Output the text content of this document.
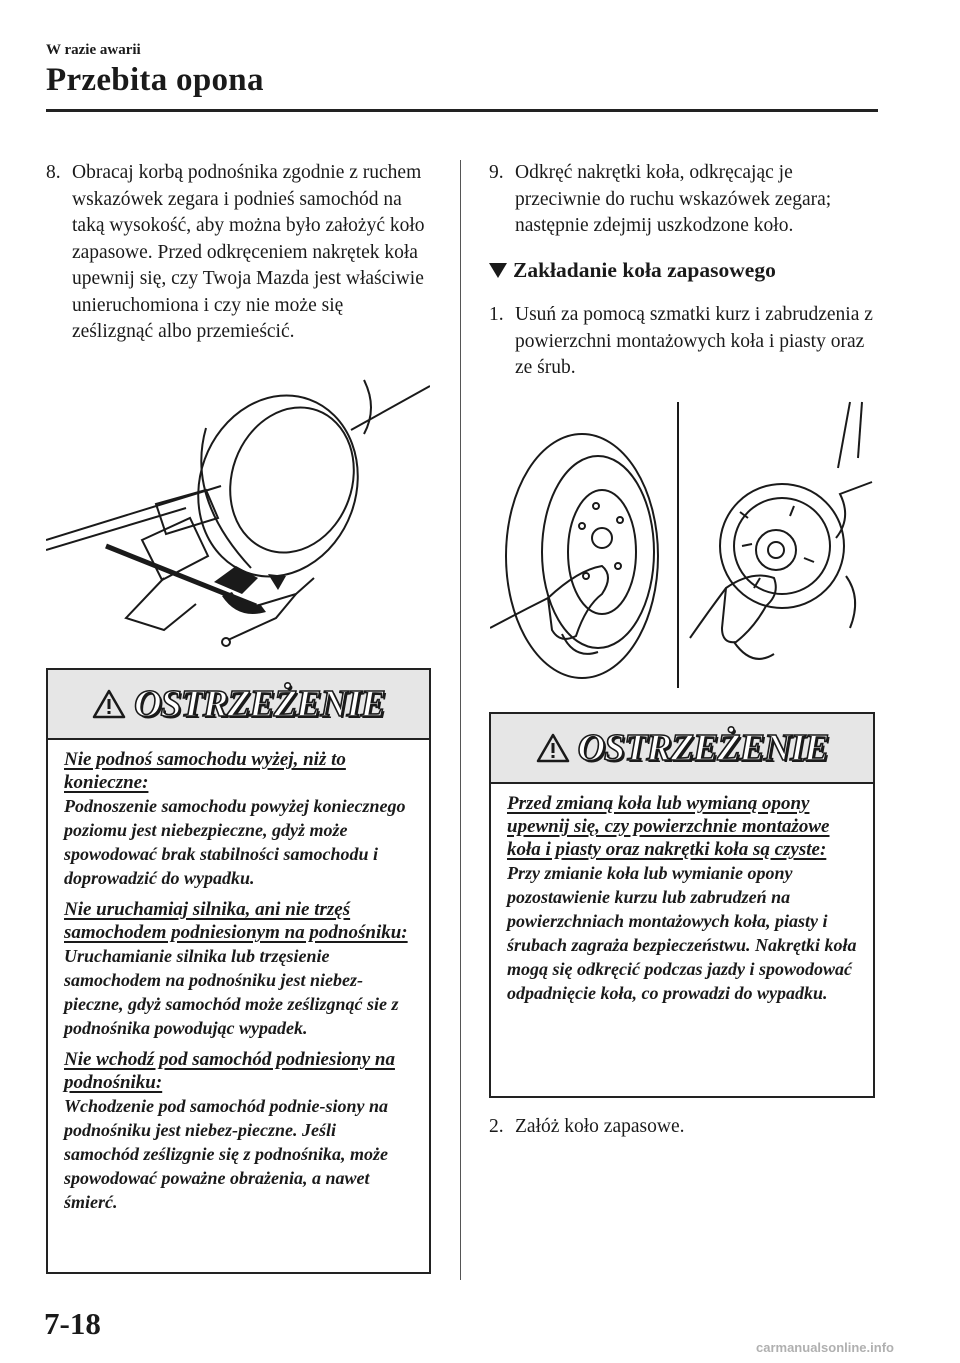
W razie awarii
Przebita opona
8. Obracaj korbą podnośnika zgodnie z ruchem wskazówek zegara i podnieś samochód na taką wysokość, aby można było założyć koło zapasowe. Przed odkręceniem nakrętek koła upewnij się, czy Twoja Mazda jest właściwie unieruchomiona i czy nie może się ześlizgnąć albo przemieścić.
OSTRZEŻENIE
Nie podnoś samochodu wyżej, niż to konieczne:
Podnoszenie samochodu powyżej koniecznego poziomu jest niebezpieczne, gdyż może spowodować brak stabilności samochodu i doprowadzić do wypadku.
Nie uruchamiaj silnika, ani nie trzęś samochodem podniesionym na podnośniku:
Uruchamianie silnika lub trzęsienie samochodem na podnośniku jest niebez-pieczne, gdyż samochód może ześlizgnąć sie z podnośnika powodując wypadek.
Nie wchodź pod samochód podniesiony na podnośniku:
Wchodzenie pod samochód podnie-siony na podnośniku jest niebez-pieczne. Jeśli samochód ześlizgnie się z podnośnika, może spowodować poważne obrażenia, a nawet śmierć.
9. Odkręć nakrętki koła, odkręcając je przeciwnie do ruchu wskazówek zegara; następnie zdejmij uszkodzone koło.
Zakładanie koła zapasowego
1. Usuń za pomocą szmatki kurz i zabrudzenia z powierzchni montażowych koła i piasty oraz ze śrub.
OSTRZEŻENIE
Przed zmianą koła lub wymianą opony upewnij się, czy powierzchnie montażowe koła i piasty oraz nakrętki koła są czyste:
Przy zmianie koła lub wymianie opony pozostawienie kurzu lub zabrudzeń na powierzchniach montażowych koła, piasty i śrubach zagraża bezpieczeństwu. Nakrętki koła mogą się odkręcić podczas jazdy i spowodować odpadnięcie koła, co prowadzi do wypadku.
2. Załóż koło zapasowe.
7-18
carmanualsonline.info
